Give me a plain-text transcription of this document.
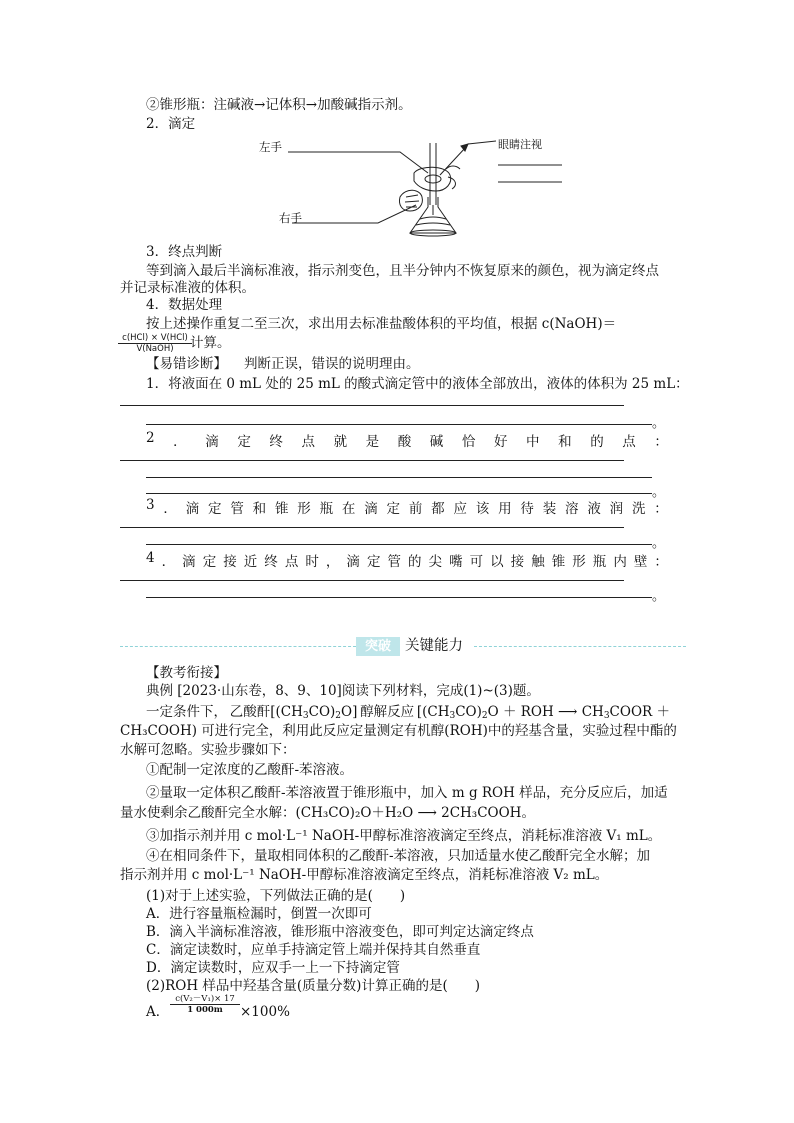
②锥形瓶：注碱液→记体积→加酸碱指示剂。
2．滴定
左手
右手
眼睛注视
3．终点判断
等到滴入最后半滴标准液，指示剂变色，且半分钟内不恢复原来的颜色，视为滴定终点
并记录标准液的体积。
4．数据处理
按上述操作重复二至三次，求出用去标准盐酸体积的平均值，根据 c(NaOH)＝
c(HCl) × V(HCl)
V(NaOH)	计算。
【易错诊断】 判断正误，错误的说明理由。
1．将液面在 0 mL 处的 25 mL 的酸式滴定管中的液体全部放出，液体的体积为 25 mL：
。
2 ． 滴 定 终 点 就 是 酸 碱 恰 好 中 和 的 点 ：
。
3 ． 滴 定 管 和 锥 形 瓶 在 滴 定 前 都 应 该 用 待 装 溶 液 润 洗 ：
。
4 ． 滴 定 接 近 终 点 时 ， 滴 定 管 的 尖 嘴 可 以 接 触 锥 形 瓶 内 壁 ：
。
突破 关键能力
【教考衔接】
典例 [2023·山东卷，8、9、10]阅读下列材料，完成(1)~(3)题。
一定条件下， 乙酸酐$[(CH_3CO)_2O]$ 醇解反应 [$(CH_3CO)_2O$ ＋ ROH ⟶ $CH_3COOR$ ＋
CH₃COOH) 可进行完全，利用此反应定量测定有机醇(ROH)中的羟基含量，实验过程中酯的
水解可忽略。实验步骤如下：
①配制一定浓度的乙酸酐-苯溶液。
②量取一定体积乙酸酐-苯溶液置于锥形瓶中，加入 m g ROH 样品，充分反应后，加适
量水使剩余乙酸酐完全水解：(CH₃CO)₂O＋H₂O ⟶ 2CH₃COOH。
③加指示剂并用 c mol·L⁻¹ NaOH-甲醇标准溶液滴定至终点，消耗标准溶液 V₁ mL。
④在相同条件下，量取相同体积的乙酸酐-苯溶液，只加适量水使乙酸酐完全水解；加
指示剂并用 c mol·L⁻¹ NaOH-甲醇标准溶液滴定至终点，消耗标准溶液 V₂ mL。
(1)对于上述实验，下列做法正确的是(　　)
A．进行容量瓶检漏时，倒置一次即可
B．滴入半滴标准溶液，锥形瓶中溶液变色，即可判定达滴定终点
C．滴定读数时，应单手持滴定管上端并保持其自然垂直
D．滴定读数时，应双手一上一下持滴定管
(2)ROH 样品中羟基含量(质量分数)计算正确的是(　　)
A． $\frac{\text{c(V₂－V₁)× 17}}{1 000m} \times 100\%$
